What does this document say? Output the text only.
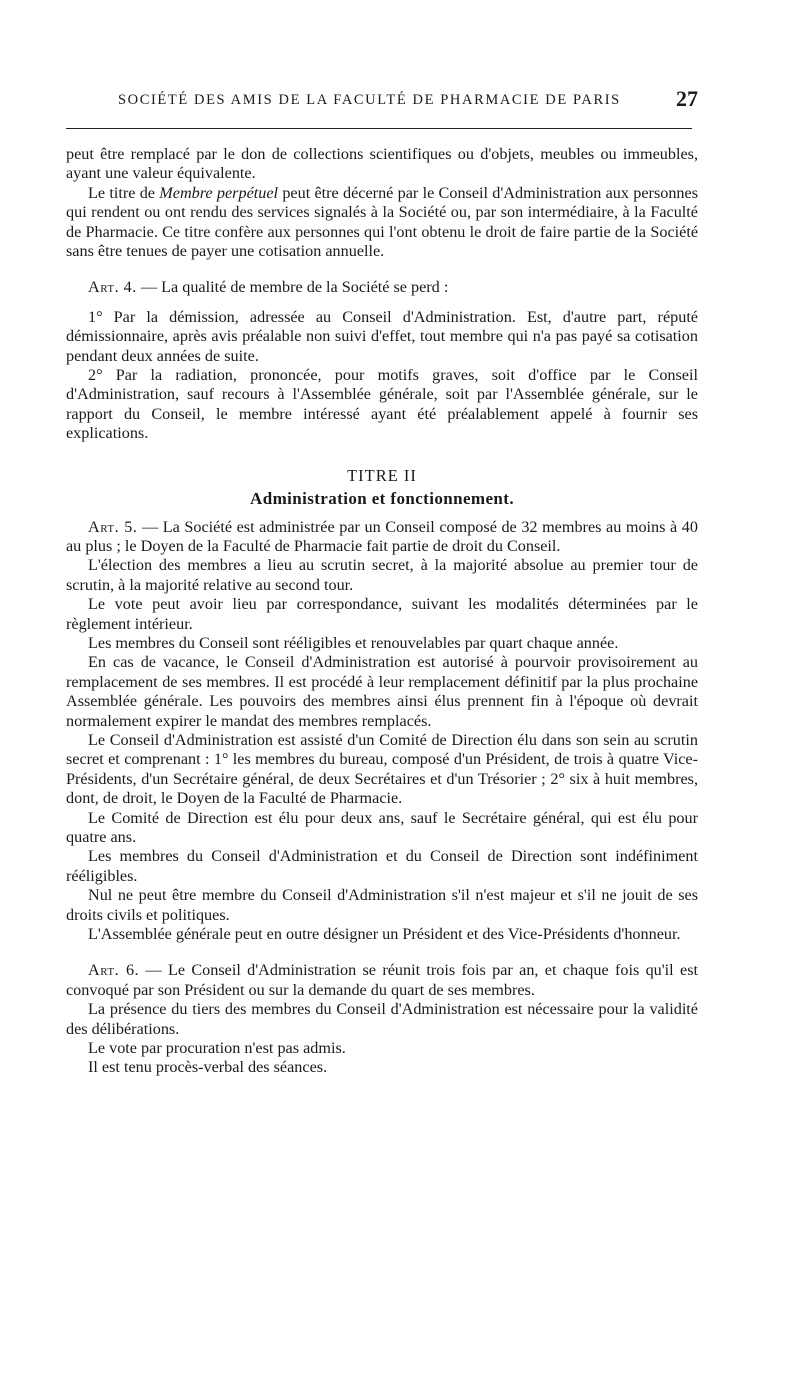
SOCIÉTÉ DES AMIS DE LA FACULTÉ DE PHARMACIE DE PARIS	27

peut être remplacé par le don de collections scientifiques ou d'objets, meubles ou immeubles, ayant une valeur équivalente.

Le titre de Membre perpétuel peut être décerné par le Conseil d'Administration aux personnes qui rendent ou ont rendu des services signalés à la Société ou, par son intermédiaire, à la Faculté de Pharmacie. Ce titre confère aux personnes qui l'ont obtenu le droit de faire partie de la Société sans être tenues de payer une cotisation annuelle.

Art. 4. — La qualité de membre de la Société se perd :

1° Par la démission, adressée au Conseil d'Administration. Est, d'autre part, réputé démissionnaire, après avis préalable non suivi d'effet, tout membre qui n'a pas payé sa cotisation pendant deux années de suite.

2° Par la radiation, prononcée, pour motifs graves, soit d'office par le Conseil d'Administration, sauf recours à l'Assemblée générale, soit par l'Assemblée générale, sur le rapport du Conseil, le membre intéressé ayant été préalablement appelé à fournir ses explications.

TITRE II

Administration et fonctionnement.

Art. 5. — La Société est administrée par un Conseil composé de 32 membres au moins à 40 au plus ; le Doyen de la Faculté de Pharmacie fait partie de droit du Conseil.

L'élection des membres a lieu au scrutin secret, à la majorité absolue au premier tour de scrutin, à la majorité relative au second tour.

Le vote peut avoir lieu par correspondance, suivant les modalités déterminées par le règlement intérieur.

Les membres du Conseil sont rééligibles et renouvelables par quart chaque année.

En cas de vacance, le Conseil d'Administration est autorisé à pourvoir provisoirement au remplacement de ses membres. Il est procédé à leur remplacement définitif par la plus prochaine Assemblée générale. Les pouvoirs des membres ainsi élus prennent fin à l'époque où devrait normalement expirer le mandat des membres remplacés.

Le Conseil d'Administration est assisté d'un Comité de Direction élu dans son sein au scrutin secret et comprenant : 1° les membres du bureau, composé d'un Président, de trois à quatre Vice-Présidents, d'un Secrétaire général, de deux Secrétaires et d'un Trésorier ; 2° six à huit membres, dont, de droit, le Doyen de la Faculté de Pharmacie.

Le Comité de Direction est élu pour deux ans, sauf le Secrétaire général, qui est élu pour quatre ans.

Les membres du Conseil d'Administration et du Conseil de Direction sont indéfiniment rééligibles.

Nul ne peut être membre du Conseil d'Administration s'il n'est majeur et s'il ne jouit de ses droits civils et politiques.

L'Assemblée générale peut en outre désigner un Président et des Vice-Présidents d'honneur.

Art. 6. — Le Conseil d'Administration se réunit trois fois par an, et chaque fois qu'il est convoqué par son Président ou sur la demande du quart de ses membres.

La présence du tiers des membres du Conseil d'Administration est nécessaire pour la validité des délibérations.

Le vote par procuration n'est pas admis.

Il est tenu procès-verbal des séances.
